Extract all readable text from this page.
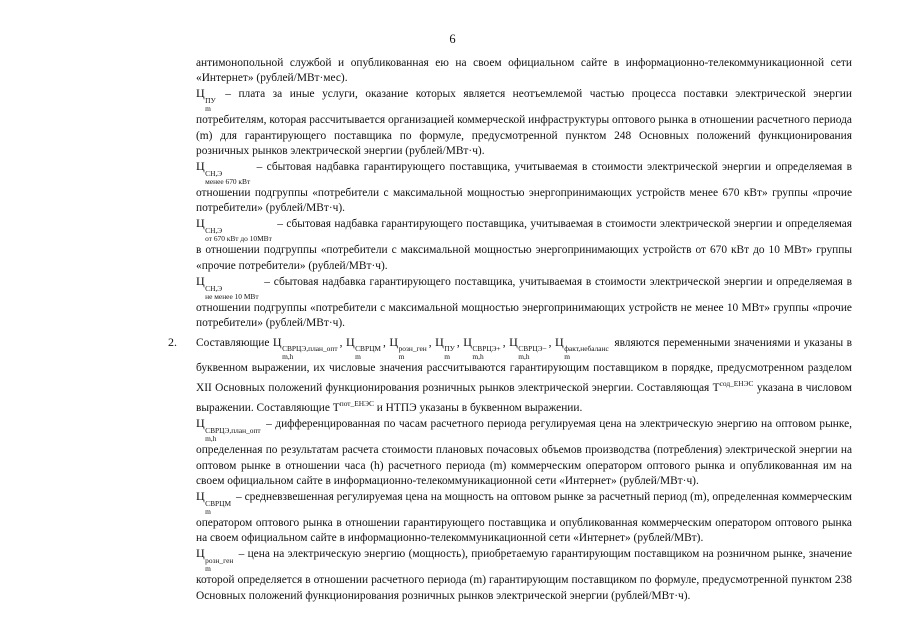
6

антимонопольной службой и опубликованная ею на своем официальном сайте в информационно-телекоммуникационной сети «Интернет» (рублей/МВт·мес).

Ц
ПУ
m
– плата за иные услуги, оказание которых является неотъемлемой частью процесса поставки электрической энергии потребителям, которая рассчитывается организацией коммерческой инфраструктуры оптового рынка в отношении расчетного периода (m) для гарантирующего поставщика по формуле, предусмотренной пунктом 248 Основных положений функционирования розничных рынков электрической энергии (рублей/МВт·ч).

Ц
СН,Э
менее 670 кВт
– сбытовая надбавка гарантирующего поставщика, учитываемая в стоимости электрической энергии и определяемая в отношении подгруппы «потребители с максимальной мощностью энергопринимающих устройств менее 670 кВт» группы «прочие потребители» (рублей/МВт·ч).

Ц
СН,Э
от 670 кВт до 10МВт
– сбытовая надбавка гарантирующего поставщика, учитываемая в стоимости электрической энергии и определяемая в отношении подгруппы «потребители с максимальной мощностью энергопринимающих устройств от 670 кВт до 10 МВт» группы «прочие потребители» (рублей/МВт·ч).

Ц
СН,Э
не менее 10 МВт
– сбытовая надбавка гарантирующего поставщика, учитываемая в стоимости электрической энергии и определяемая в отношении подгруппы «потребители с максимальной мощностью энергопринимающих устройств не менее 10 МВт» группы «прочие потребители» (рублей/МВт·ч).

2. Составляющие Ц СВРЦЭ,план_опт
m,h
, Ц СВРЦМ
m
, Ц розн_ген
m
, Ц ПУ
m
, Ц СВРЦЭ+
m,h
, Ц СВРЦЭ−
m,h
, Ц факт,небаланс
m
являются переменными значениями и указаны в буквенном выражении, их числовые значения рассчитываются гарантирующим поставщиком в порядке, предусмотренном разделом XII Основных положений функционирования розничных рынков электрической энергии. Составляющая $Т^{сод\_ЕНЭС}$ указана в числовом выражении. Составляющие $Т^{пот\_ЕНЭС}$ и НТПЭ указаны в буквенном выражении.

Ц
СВРЦЭ,план_опт
m,h
– дифференцированная по часам расчетного периода регулируемая цена на электрическую энергию на оптовом рынке, определенная по результатам расчета стоимости плановых почасовых объемов производства (потребления) электрической энергии на оптовом рынке в отношении часа (h) расчетного периода (m) коммерческим оператором оптового рынка и опубликованная им на своем официальном сайте в информационно-телекоммуникационной сети «Интернет» (рублей/МВт·ч).

Ц
СВРЦМ
m
– средневзвешенная регулируемая цена на мощность на оптовом рынке за расчетный период (m), определенная коммерческим оператором оптового рынка в отношении гарантирующего поставщика и опубликованная коммерческим оператором оптового рынка на своем официальном сайте в информационно-телекоммуникационной сети «Интернет» (рублей/МВт).

Ц
розн_ген
m
– цена на электрическую энергию (мощность), приобретаемую гарантирующим поставщиком на розничном рынке, значение которой определяется в отношении расчетного периода (m) гарантирующим поставщиком по формуле, предусмотренной пунктом 238 Основных положений функционирования розничных рынков электрической энергии (рублей/МВт·ч).
